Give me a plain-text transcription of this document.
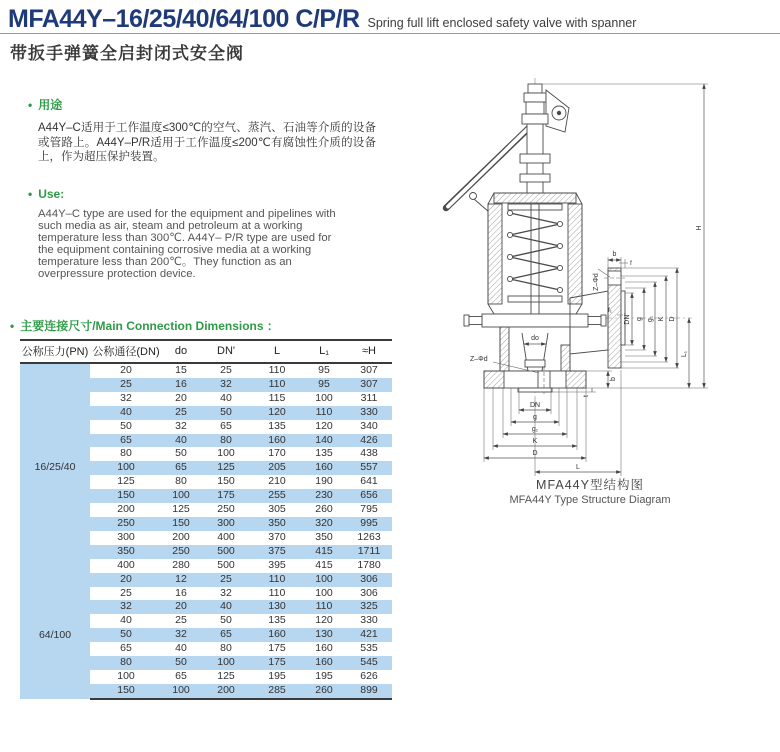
MFA44Y–16/25/40/64/100 C/P/R Spring full lift enclosed safety valve with spanner
带扳手弹簧全启封闭式安全阀
• 用途
A44Y–C适用于工作温度≤300℃的空气、蒸汽、石油等介质的设备或管路上。A44Y–P/R适用于工作温度≤200℃有腐蚀性介质的设备上，作为超压保护装置。
• Use:
A44Y–C type are used for the equipment and pipelines with such media as air, steam and petroleum at a working temperature less than 300℃. A44Y– P/R type are used for the equipment containing corrosive media at a working temperature less than 200℃。They function as an overpressure protection device.
• 主要连接尺寸/Main Connection Dimensions ：
公称压力(PN)	公称通径(DN)	do	DN'	L	L₁	≈H
16/25/40	20	15	25	110	95	307
	25	16	32	110	95	307
	32	20	40	115	100	311
	40	25	50	120	110	330
	50	32	65	135	120	340
	65	40	80	160	140	426
	80	50	100	170	135	438
	100	65	125	205	160	557
	125	80	150	210	190	641
	150	100	175	255	230	656
	200	125	250	305	260	795
	250	150	300	350	320	995
	300	200	400	370	350	1263
	350	250	500	375	415	1711
	400	280	500	395	415	1780
64/100	20	12	25	110	100	306
	25	16	32	110	100	306
	32	20	40	130	110	325
	40	25	50	135	120	330
	50	32	65	160	130	421
	65	40	80	175	160	535
	80	50	100	175	160	545
	100	65	125	195	195	626
	150	100	200	285	260	899
Z–Φd
do
DN
g
g₁
K
D
L
DN' g g₁ K D
L₁
H
b
f
Z–Φd
f₁
b
t
MFA44Y型结构图
MFA44Y Type Structure Diagram
